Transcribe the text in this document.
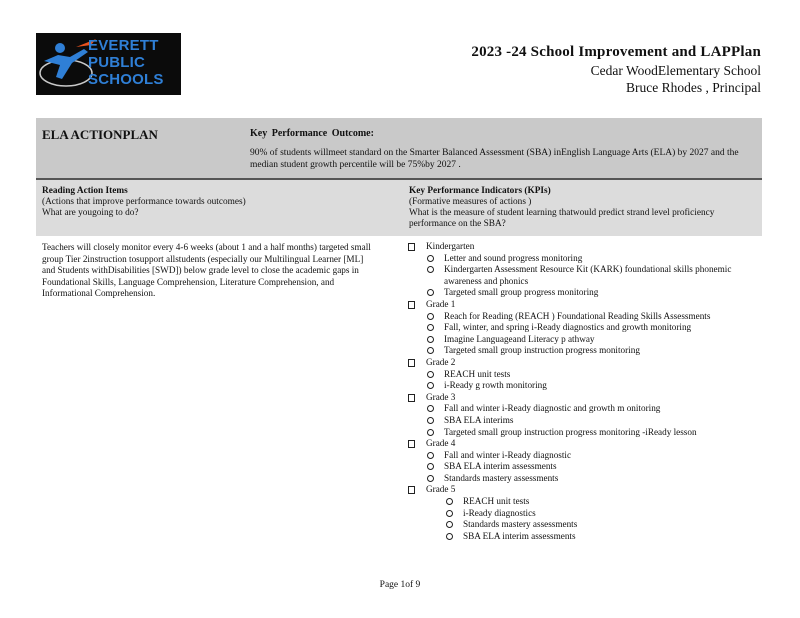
EVERETT
PUBLIC
SCHOOLS
2023 -24 School Improvement and LAPPlan
Cedar WoodElementary School
Bruce Rhodes , Principal
ELA ACTIONPLAN	Key Performance Outcome:
90% of students willmeet standard on the Smarter Balanced Assessment (SBA) inEnglish Language Arts (ELA) by 2027 and the median student growth percentile will be 75%by 2027 .
Reading Action Items
(Actions that improve performance towards outcomes)
What are yougoing to do?
Key Performance Indicators (KPIs)
(Formative measures of actions )
What is the measure of student learning thatwould predict strand level proficiency performance on the SBA?
Teachers will closely monitor every 4-6 weeks (about 1 and a half months) targeted small group Tier 2instruction tosupport allstudents (especially our Multilingual Learner [ML] and Students withDisabilities [SWD]) below grade level to close the academic gaps in Foundational Skills, Language Comprehension, Literature Comprehension, and Informational Comprehension.
Kindergarten
Letter and sound progress monitoring
Kindergarten Assessment Resource Kit (KARK) foundational skills phonemic awareness and phonics
Targeted small group progress monitoring
Grade 1
Reach for Reading (REACH ) Foundational Reading Skills Assessments
Fall, winter, and spring i-Ready diagnostics and growth monitoring
Imagine Languageand Literacy p athway
Targeted small group instruction progress monitoring
Grade 2
REACH unit tests
i-Ready g rowth monitoring
Grade 3
Fall and winter i-Ready diagnostic and growth m onitoring
SBA ELA interims
Targeted small group instruction progress monitoring -iReady lesson
Grade 4
Fall and winter i-Ready diagnostic
SBA ELA interim assessments
Standards mastery assessments
Grade 5
REACH unit tests
i-Ready diagnostics
Standards mastery assessments
SBA ELA interim assessments
Page 1of 9
